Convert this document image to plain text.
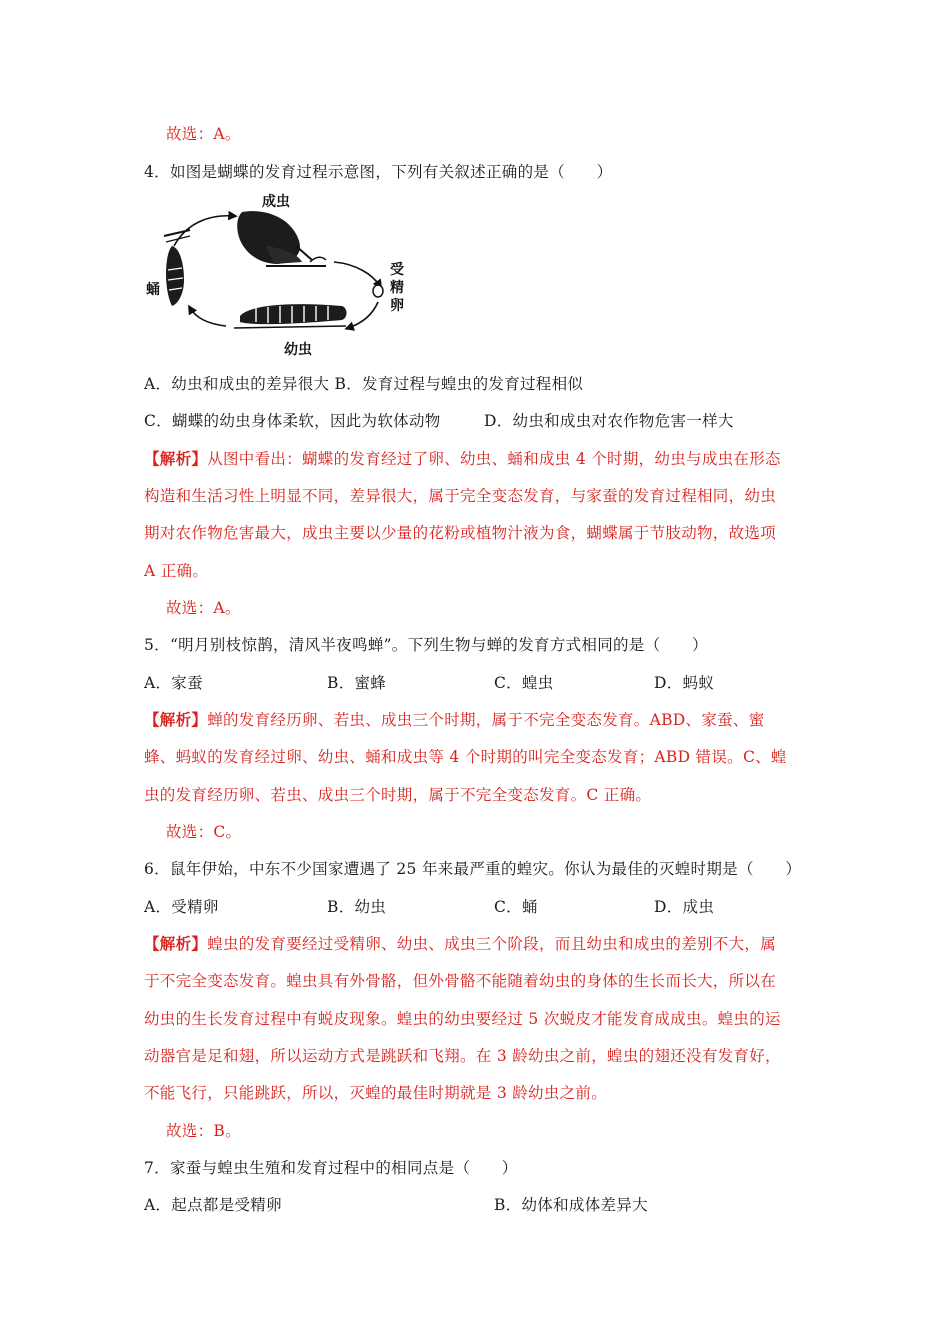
故选：A。
4．如图是蝴蝶的发育过程示意图，下列有关叙述正确的是（　　）
成虫
受
精
卵
幼虫
蛹
A．幼虫和成虫的差异很大 B．发育过程与蝗虫的发育过程相似
C．蝴蝶的幼虫身体柔软，因此为软体动物	D．幼虫和成虫对农作物危害一样大
【解析】从图中看出：蝴蝶的发育经过了卵、幼虫、蛹和成虫 4 个时期，幼虫与成虫在形态
构造和生活习性上明显不同，差异很大，属于完全变态发育，与家蚕的发育过程相同，幼虫
期对农作物危害最大，成虫主要以少量的花粉或植物汁液为食，蝴蝶属于节肢动物，故选项
A 正确。
故选：A。
5．“明月别枝惊鹊，清风半夜鸣蝉”。下列生物与蝉的发育方式相同的是（　　）
A．家蚕	B．蜜蜂	C．蝗虫	D．蚂蚁
【解析】蝉的发育经历卵、若虫、成虫三个时期，属于不完全变态发育。ABD、家蚕、蜜
蜂、蚂蚁的发育经过卵、幼虫、蛹和成虫等 4 个时期的叫完全变态发育；ABD 错误。C、蝗
虫的发育经历卵、若虫、成虫三个时期，属于不完全变态发育。C 正确。
故选：C。
6．鼠年伊始，中东不少国家遭遇了 25 年来最严重的蝗灾。你认为最佳的灭蝗时期是（　　）
A．受精卵	B．幼虫	C．蛹	D．成虫
【解析】蝗虫的发育要经过受精卵、幼虫、成虫三个阶段，而且幼虫和成虫的差别不大，属
于不完全变态发育。蝗虫具有外骨骼，但外骨骼不能随着幼虫的身体的生长而长大，所以在
幼虫的生长发育过程中有蜕皮现象。蝗虫的幼虫要经过 5 次蜕皮才能发育成成虫。蝗虫的运
动器官是足和翅，所以运动方式是跳跃和飞翔。在 3 龄幼虫之前，蝗虫的翅还没有发育好，
不能飞行，只能跳跃，所以，灭蝗的最佳时期就是 3 龄幼虫之前。
故选：B。
7．家蚕与蝗虫生殖和发育过程中的相同点是（　　）
A．起点都是受精卵	B．幼体和成体差异大
